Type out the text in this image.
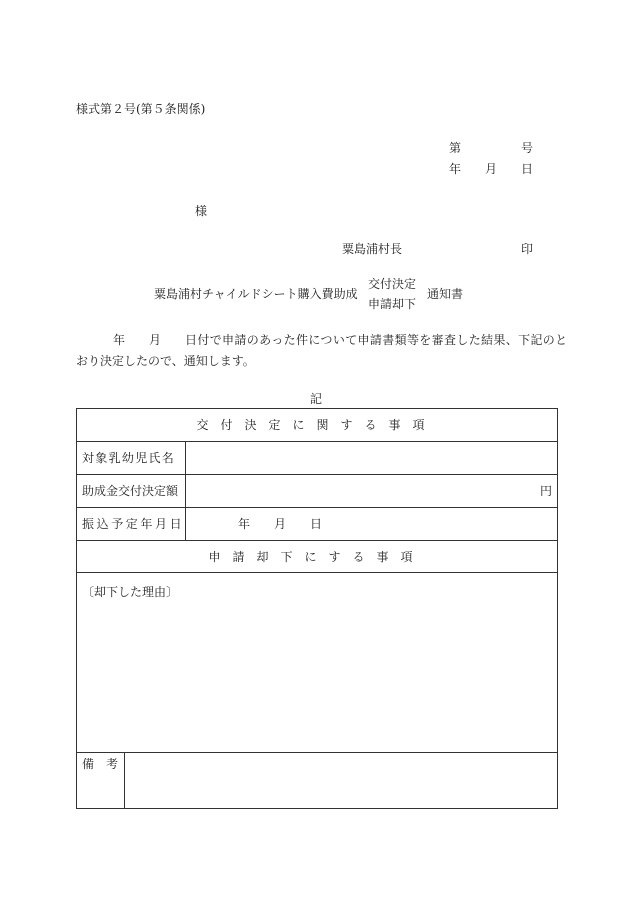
様式第２号(第５条関係)
第	号
年 月 日
様
粟島浦村長	印
粟島浦村チャイルドシート購入費助成
交付決定
申請却下
通知書
年 月 日付で申請のあった件について申請書類等を審査した結果、下記のと
おり決定したので、通知します。
記
交付決定に関する事項
対象乳幼児氏名
助成金交付決定額	円
振込予定年月日	年 月 日
申請却下にする事項
〔却下した理由〕
備考
